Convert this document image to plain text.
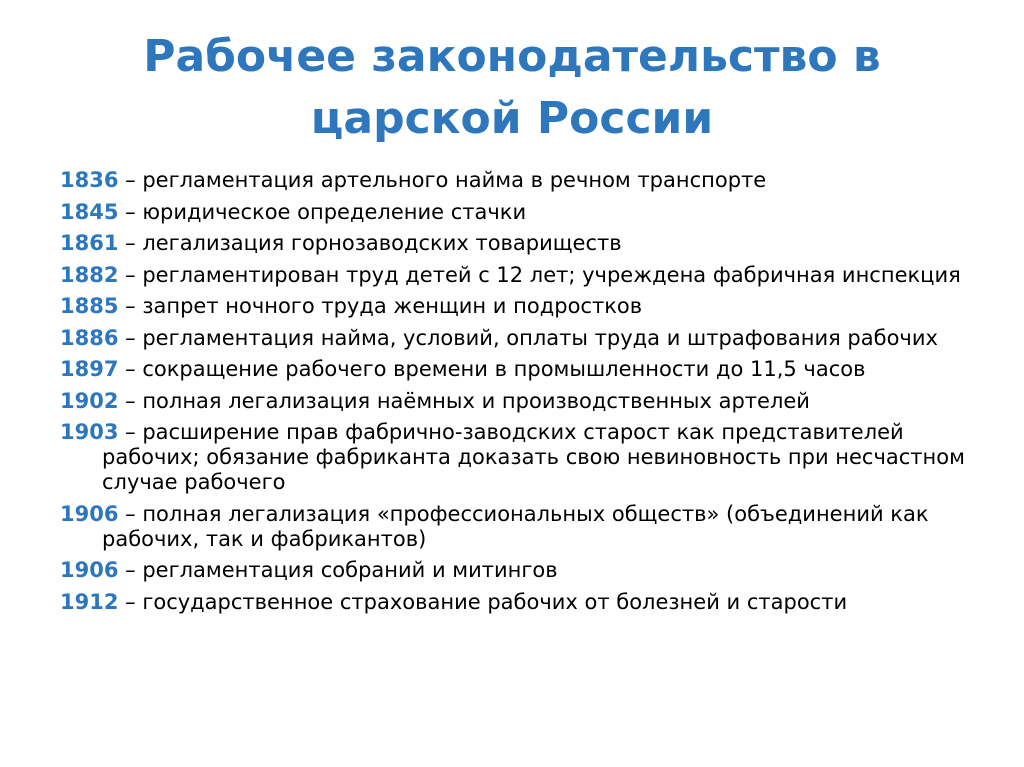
Рабочее законодательство в
царской России
1836 – регламентация артельного найма в речном транспорте
1845 – юридическое определение стачки
1861 – легализация горнозаводских товариществ
1882 – регламентирован труд детей с 12 лет; учреждена фабричная инспекция
1885 – запрет ночного труда женщин и подростков
1886 – регламентация найма, условий, оплаты труда и штрафования рабочих
1897 – сокращение рабочего времени в промышленности до 11,5 часов
1902 – полная легализация наёмных и производственных артелей
1903 – расширение прав фабрично-заводских старост как представителей рабочих; обязание фабриканта доказать свою невиновность при несчастном случае рабочего
1906 – полная легализация «профессиональных обществ» (объединений как рабочих, так и фабрикантов)
1906 – регламентация собраний и митингов
1912 – государственное страхование рабочих от болезней и старости
